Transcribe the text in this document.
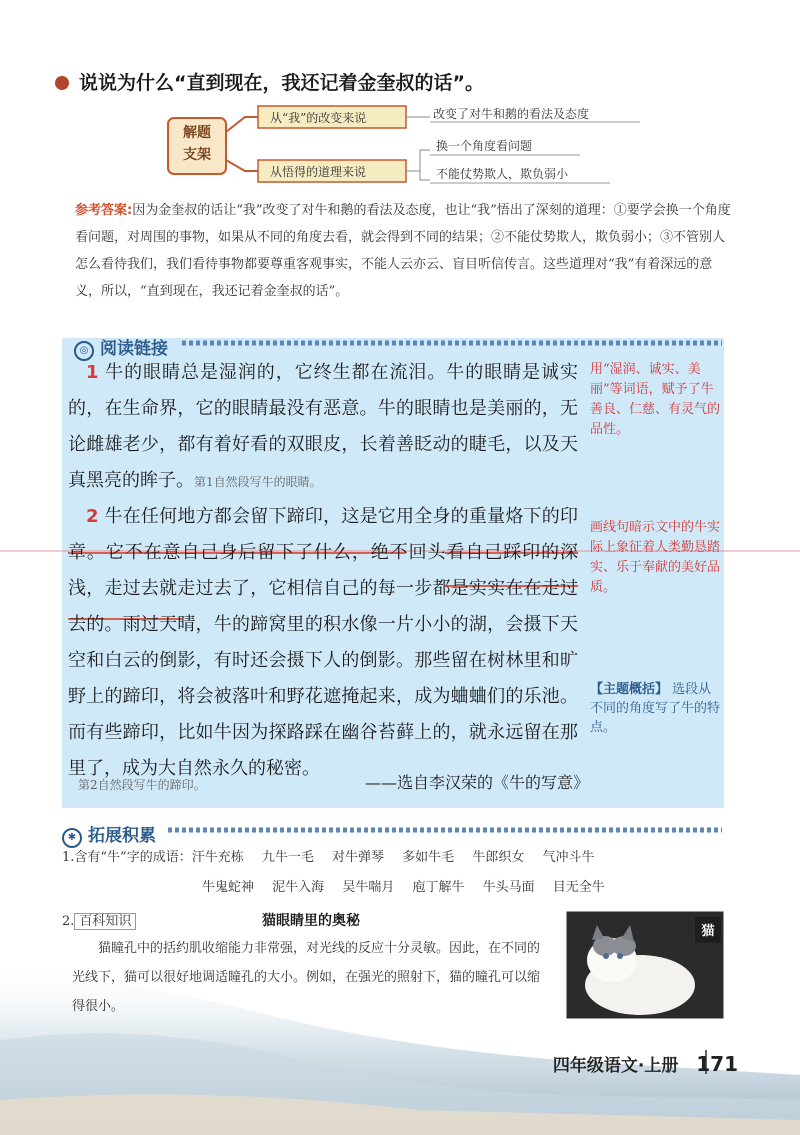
说说为什么“直到现在，我还记着金奎叔的话”。
解题
支架
从“我”的改变来说
从悟得的道理来说
改变了对牛和鹅的看法及态度
换一个角度看问题
不能仗势欺人，欺负弱小
参考答案:因为金奎叔的话让“我”改变了对牛和鹅的看法及态度，也让“我”悟出了深刻的道理：①要学会换一个角度看问题，对周围的事物，如果从不同的角度去看，就会得到不同的结果；②不能仗势欺人，欺负弱小；③不管别人怎么看待我们，我们看待事物都要尊重客观事实，不能人云亦云、盲目听信传言。这些道理对“我”有着深远的意义，所以，“直到现在，我还记着金奎叔的话”。
◎ 阅读链接
1 牛的眼睛总是湿润的，它终生都在流泪。牛的眼睛是诚实的，在生命界，它的眼睛最没有恶意。牛的眼睛也是美丽的，无论雌雄老少，都有着好看的双眼皮，长着善眨动的睫毛，以及天真黑亮的眸子。第1自然段写牛的眼睛。
2 牛在任何地方都会留下蹄印，这是它用全身的重量烙下的印章。它不在意自己身后留下了什么，绝不回头看自己踩印的深浅，走过去就走过去了，它相信自己的每一步都是实实在在走过去的。雨过天晴，牛的蹄窝里的积水像一片小小的湖，会摄下天空和白云的倒影，有时还会摄下人的倒影。那些留在树林里和旷野上的蹄印，将会被落叶和野花遮掩起来，成为蛐蛐们的乐池。而有些蹄印，比如牛因为探路踩在幽谷苔藓上的，就永远留在那里了，成为大自然永久的秘密。
第2自然段写牛的蹄印。	——选自李汉荣的《牛的写意》
用“湿润、诚实、美丽”等词语，赋予了牛善良、仁慈、有灵气的品性。
画线句暗示文中的牛实际上象征着人类勤恳踏实、乐于奉献的美好品质。
【主题概括】 选段从不同的角度写了牛的特点。
✱ 拓展积累
1.含有“牛”字的成语：汗牛充栋 九牛一毛 对牛弹琴 多如牛毛 牛郎织女 气冲斗牛
牛鬼蛇神 泥牛入海 吴牛喘月 庖丁解牛 牛头马面 目无全牛
2. 百科知识	猫眼睛里的奥秘
猫瞳孔中的括约肌收缩能力非常强，对光线的反应十分灵敏。因此，在不同的光线下，猫可以很好地调适瞳孔的大小。例如，在强光的照射下，猫的瞳孔可以缩得很小。
猫
四年级语文·上册 171
